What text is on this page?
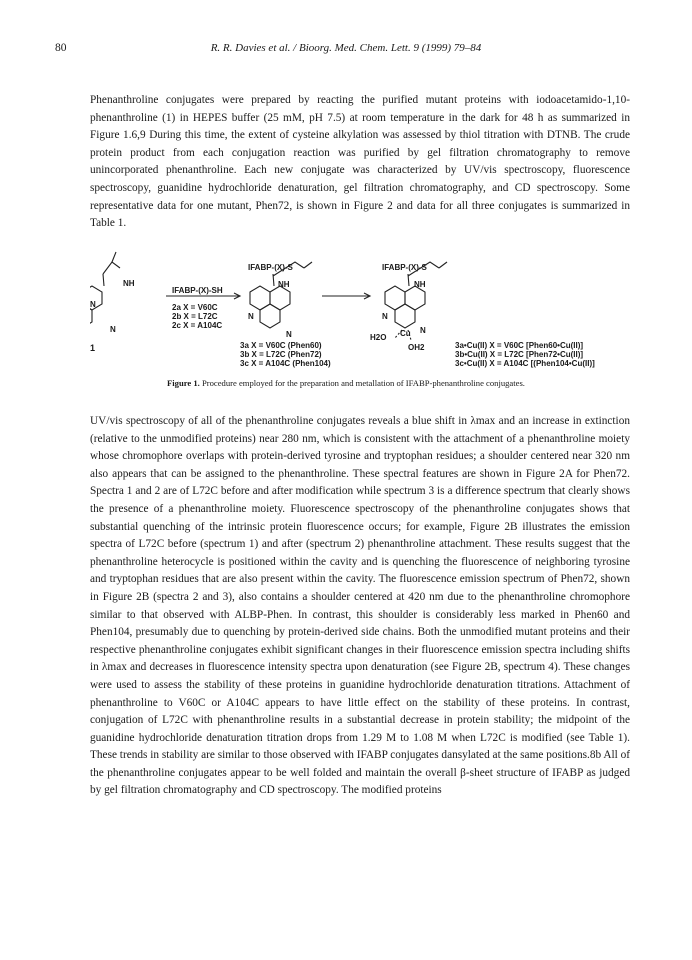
80	R. R. Davies et al. / Bioorg. Med. Chem. Lett. 9 (1999) 79–84

Phenanthroline conjugates were prepared by reacting the purified mutant proteins with iodoacetamido-1,10-phenanthroline (1) in HEPES buffer (25 mM, pH 7.5) at room temperature in the dark for 48 h as summarized in Figure 1.6,9 During this time, the extent of cysteine alkylation was assessed by thiol titration with DTNB. The crude protein product from each conjugation reaction was purified by gel filtration chromatography to remove unincorporated phenanthroline. Each new conjugate was characterized by UV/vis spectroscopy, fluorescence spectroscopy, guanidine hydrochloride denaturation, gel filtration chromatography, and CD spectroscopy. Some representative data for one mutant, Phen72, is shown in Figure 2 and data for all three conjugates is summarized in Table 1.

NH
N
N
1
IFABP-(X)-SH
2a X = V60C
2b X = L72C
2c X = A104C
IFABP-(X)-S
NH
N
N
3a X = V60C (Phen60)
3b X = L72C (Phen72)
3c X = A104C (Phen104)
IFABP-(X)-S
NH
N
N
Cu
H2O
OH2	3a•Cu(II) X = V60C [Phen60•Cu(II)]
3b•Cu(II) X = L72C [Phen72•Cu(II)]
3c•Cu(II) X = A104C [(Phen104•Cu(II)]
Figure 1. Procedure employed for the preparation and metallation of IFABP-phenanthroline conjugates.

UV/vis spectroscopy of all of the phenanthroline conjugates reveals a blue shift in λmax and an increase in extinction (relative to the unmodified proteins) near 280 nm, which is consistent with the attachment of a phenanthroline moiety whose chromophore overlaps with protein-derived tyrosine and tryptophan residues; a shoulder centered near 320 nm also appears that can be assigned to the phenanthroline. These spectral features are shown in Figure 2A for Phen72. Spectra 1 and 2 are of L72C before and after modification while spectrum 3 is a difference spectrum that clearly shows the presence of a phenanthroline moiety. Fluorescence spectroscopy of the phenanthroline conjugates shows that substantial quenching of the intrinsic protein fluorescence occurs; for example, Figure 2B illustrates the emission spectra of L72C before (spectrum 1) and after (spectrum 2) phenanthroline attachment. These results suggest that the phenanthroline heterocycle is positioned within the cavity and is quenching the fluorescence of neighboring tyrosine and tryptophan residues that are also present within the cavity. The fluorescence emission spectrum of Phen72, shown in Figure 2B (spectra 2 and 3), also contains a shoulder centered at 420 nm due to the phenanthroline chromophore similar to that observed with ALBP-Phen. In contrast, this shoulder is considerably less marked in Phen60 and Phen104, presumably due to quenching by protein-derived side chains. Both the unmodified mutant proteins and their respective phenanthroline conjugates exhibit significant changes in their fluorescence emission spectra including shifts in λmax and decreases in fluorescence intensity spectra upon denaturation (see Figure 2B, spectrum 4). These changes were used to assess the stability of these proteins in guanidine hydrochloride denaturation titrations. Attachment of phenanthroline to V60C or A104C appears to have little effect on the stability of these proteins. In contrast, conjugation of L72C with phenanthroline results in a substantial decrease in protein stability; the midpoint of the guanidine hydrochloride denaturation titration drops from 1.29 M to 1.08 M when L72C is modified (see Table 1). These trends in stability are similar to those observed with IFABP conjugates dansylated at the same positions.8b All of the phenanthroline conjugates appear to be well folded and maintain the overall β-sheet structure of IFABP as judged by gel filtration chromatography and CD spectroscopy. The modified proteins
